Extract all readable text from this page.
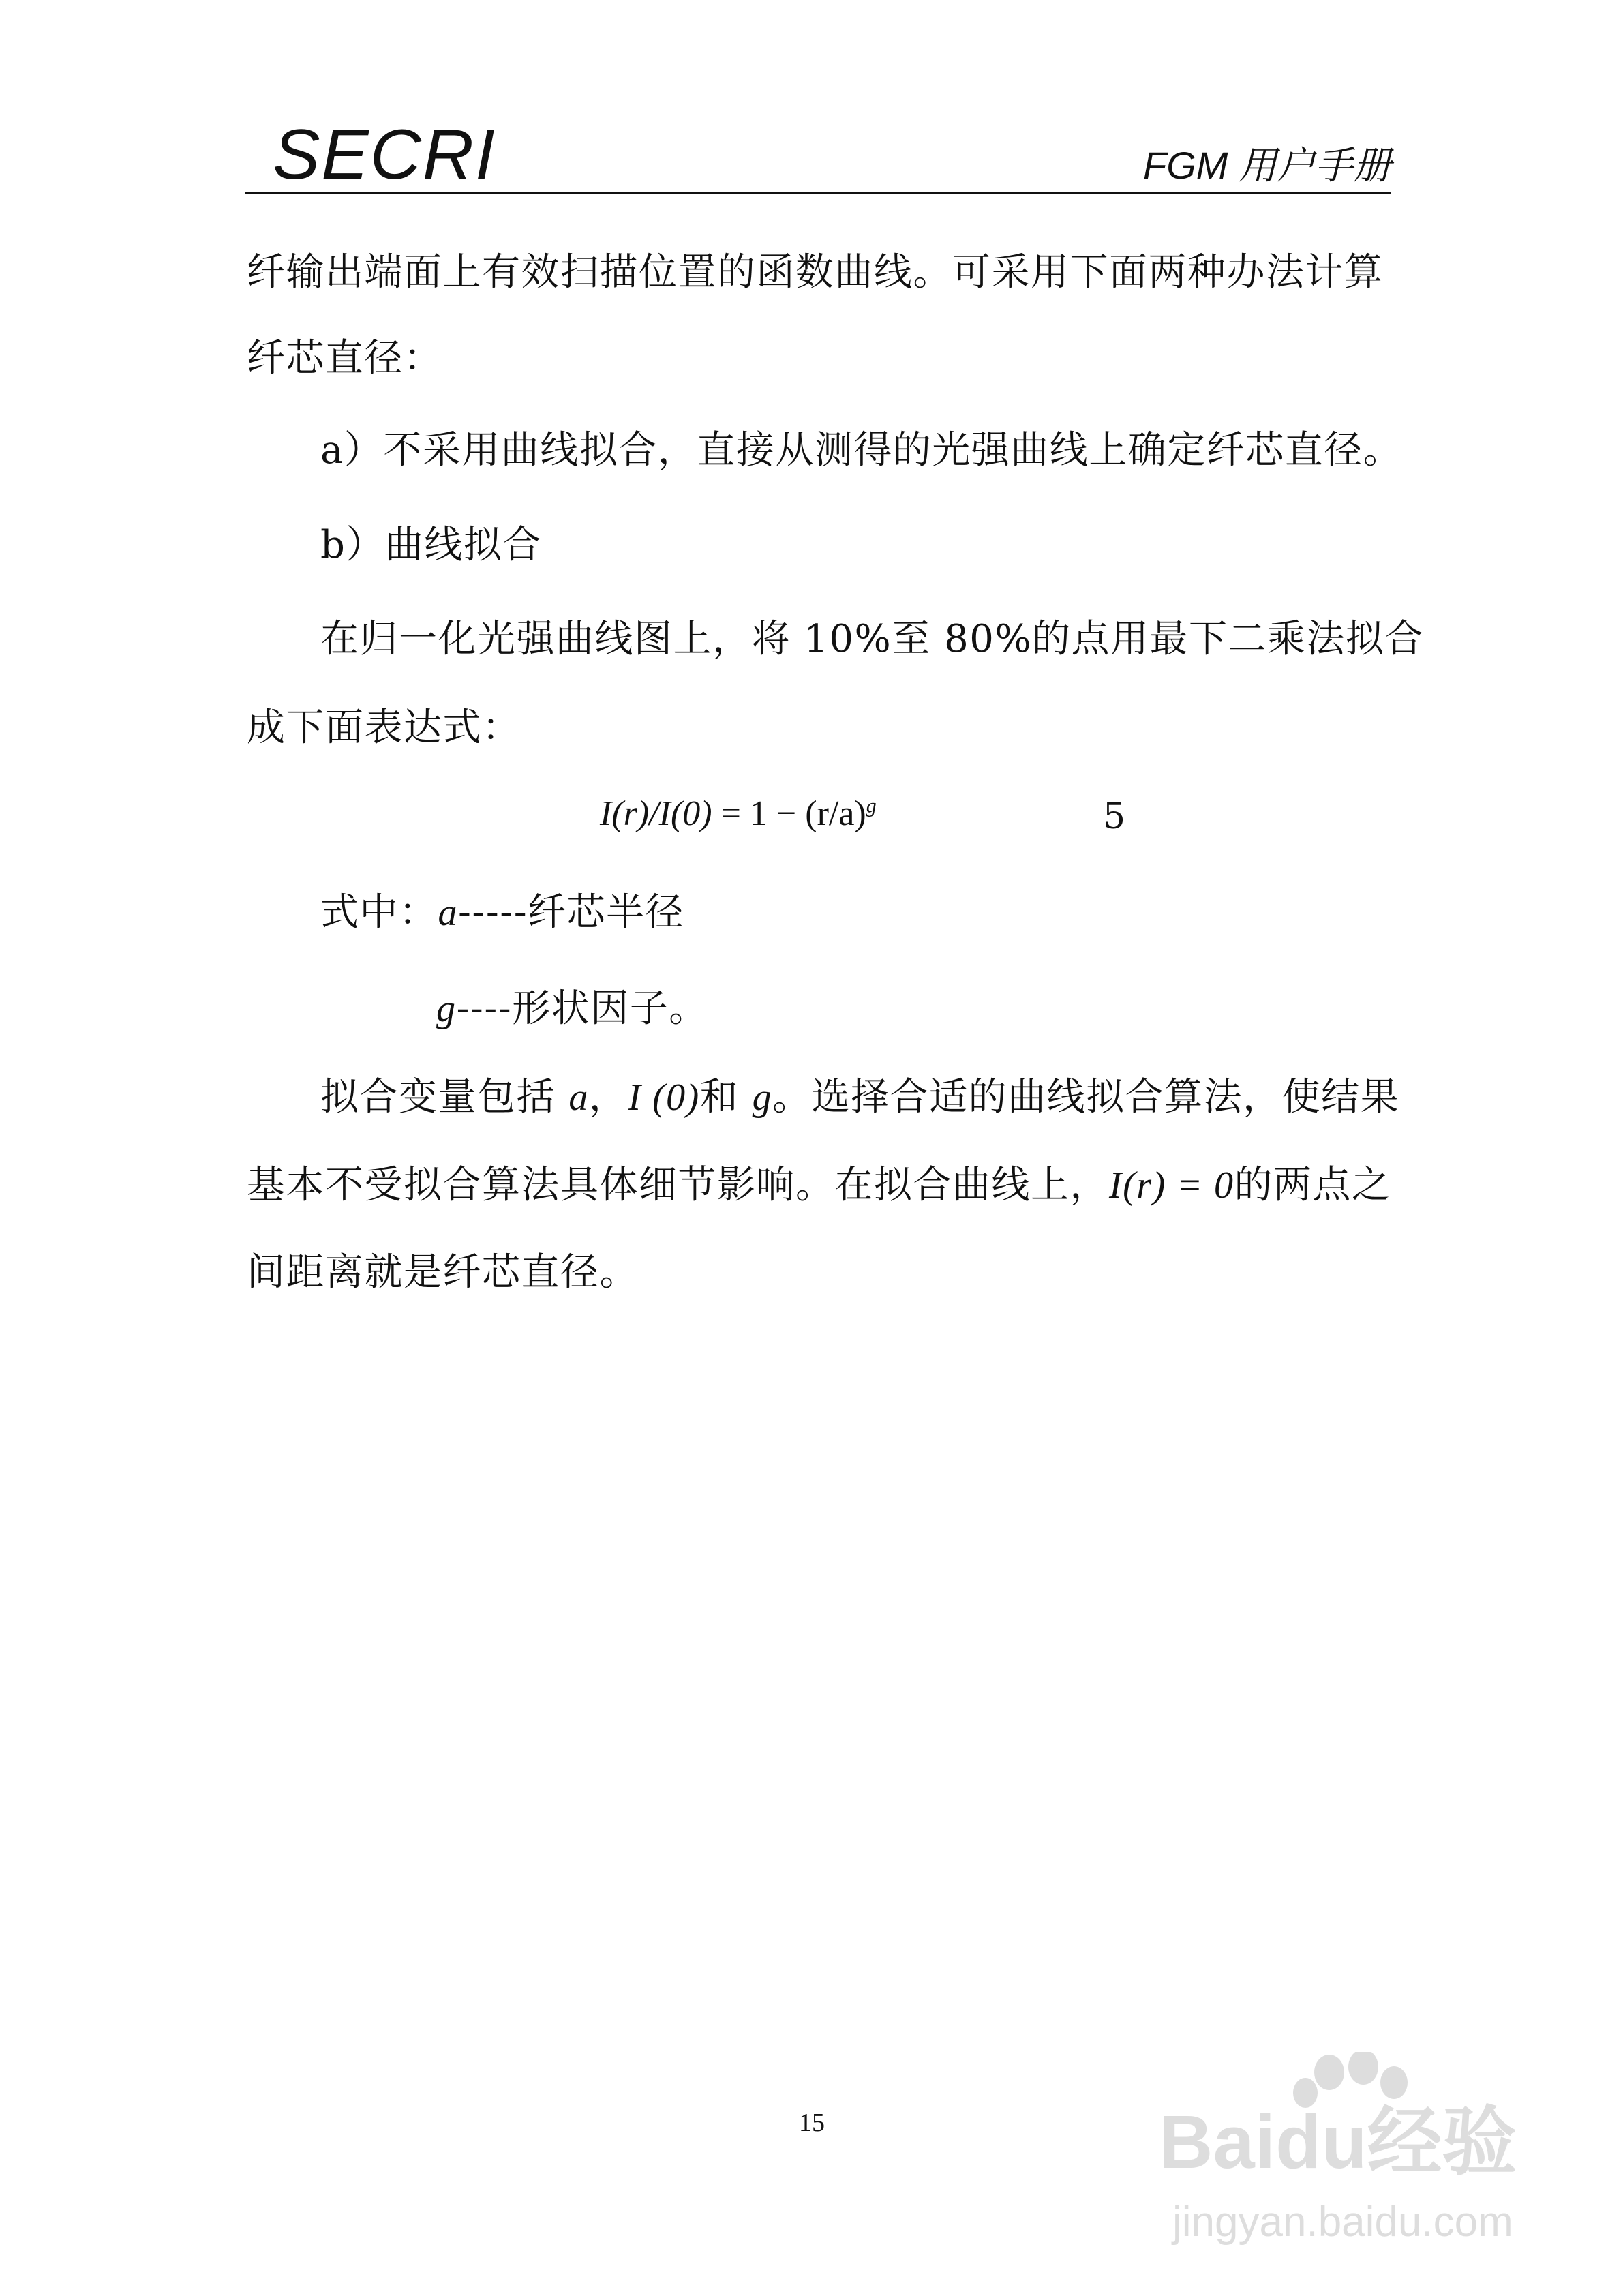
SECRI	FGM 用户手册
纤输出端面上有效扫描位置的函数曲线。可采用下面两种办法计算
纤芯直径：
a）不采用曲线拟合，直接从测得的光强曲线上确定纤芯直径。
b）曲线拟合
在归一化光强曲线图上，将 10%至 80%的点用最下二乘法拟合
成下面表达式：
$I(r)/I(0) = 1 - (r/a)^g$	5
式中：a-----纤芯半径
g----形状因子。
拟合变量包括 a，I (0)和 g。选择合适的曲线拟合算法，使结果
基本不受拟合算法具体细节影响。在拟合曲线上，I(r) = 0的两点之
间距离就是纤芯直径。
15	Baidu经验
jingyan.baidu.com
